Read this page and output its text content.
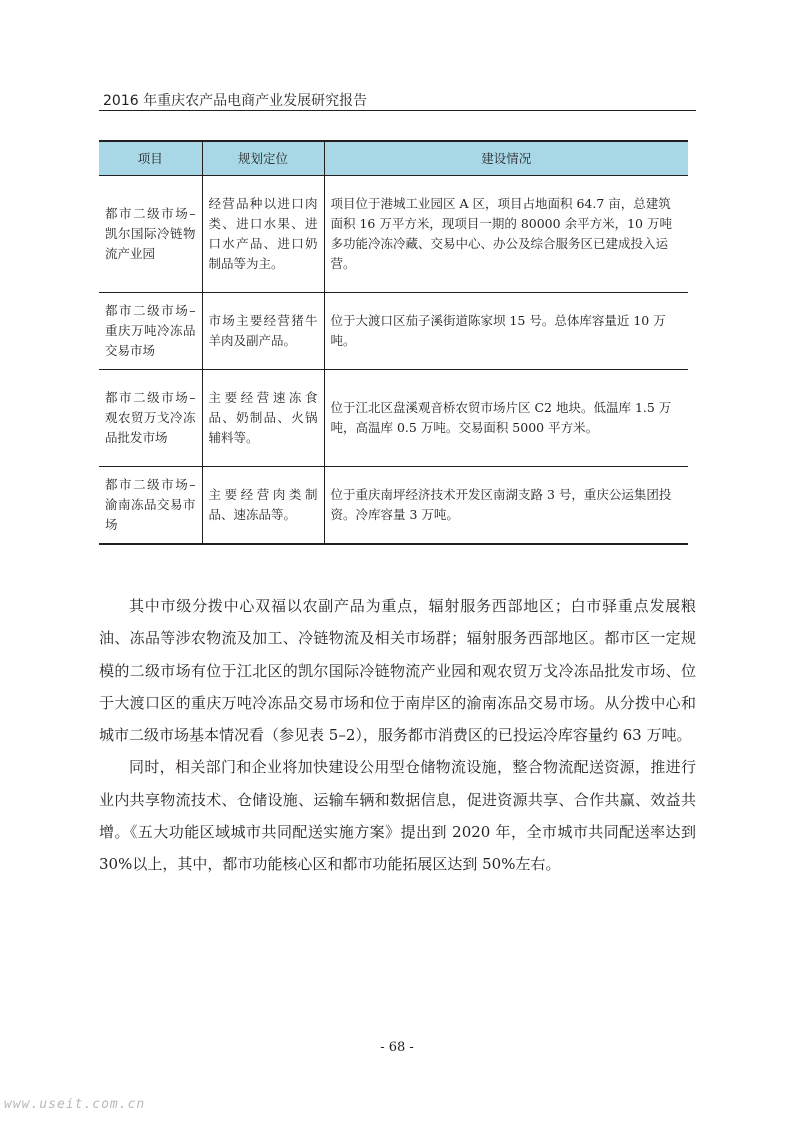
2016 年重庆农产品电商产业发展研究报告
项目	规划定位	建设情况
都市二级市场–凯尔国际冷链物流产业园	经营品种以进口肉类、进口水果、进口水产品、进口奶制品等为主。	项目位于港城工业园区 A 区，项目占地面积 64.7 亩，总建筑面积 16 万平方米，现项目一期的 80000 余平方米，10 万吨多功能冷冻冷藏、交易中心、办公及综合服务区已建成投入运营。
都市二级市场–重庆万吨冷冻品交易市场	市场主要经营猪牛羊肉及副产品。	位于大渡口区茄子溪街道陈家坝 15 号。总体库容量近 10 万吨。
都市二级市场–观农贸万戈冷冻品批发市场	主要经营速冻食品、奶制品、火锅辅料等。	位于江北区盘溪观音桥农贸市场片区 C2 地块。低温库 1.5 万吨，高温库 0.5 万吨。交易面积 5000 平方米。
都市二级市场–渝南冻品交易市场	主要经营肉类制品、速冻品等。	位于重庆南坪经济技术开发区南湖支路 3 号，重庆公运集团投资。冷库容量 3 万吨。

其中市级分拨中心双福以农副产品为重点，辐射服务西部地区；白市驿重点发展粮油、冻品等涉农物流及加工、冷链物流及相关市场群；辐射服务西部地区。都市区一定规模的二级市场有位于江北区的凯尔国际冷链物流产业园和观农贸万戈冷冻品批发市场、位于大渡口区的重庆万吨冷冻品交易市场和位于南岸区的渝南冻品交易市场。从分拨中心和城市二级市场基本情况看（参见表 5–2），服务都市消费区的已投运冷库容量约 63 万吨。

同时，相关部门和企业将加快建设公用型仓储物流设施，整合物流配送资源，推进行业内共享物流技术、仓储设施、运输车辆和数据信息，促进资源共享、合作共赢、效益共增。《五大功能区域城市共同配送实施方案》提出到 2020 年，全市城市共同配送率达到 30%以上，其中，都市功能核心区和都市功能拓展区达到 50%左右。

- 68 -
www.useit.com.cn
